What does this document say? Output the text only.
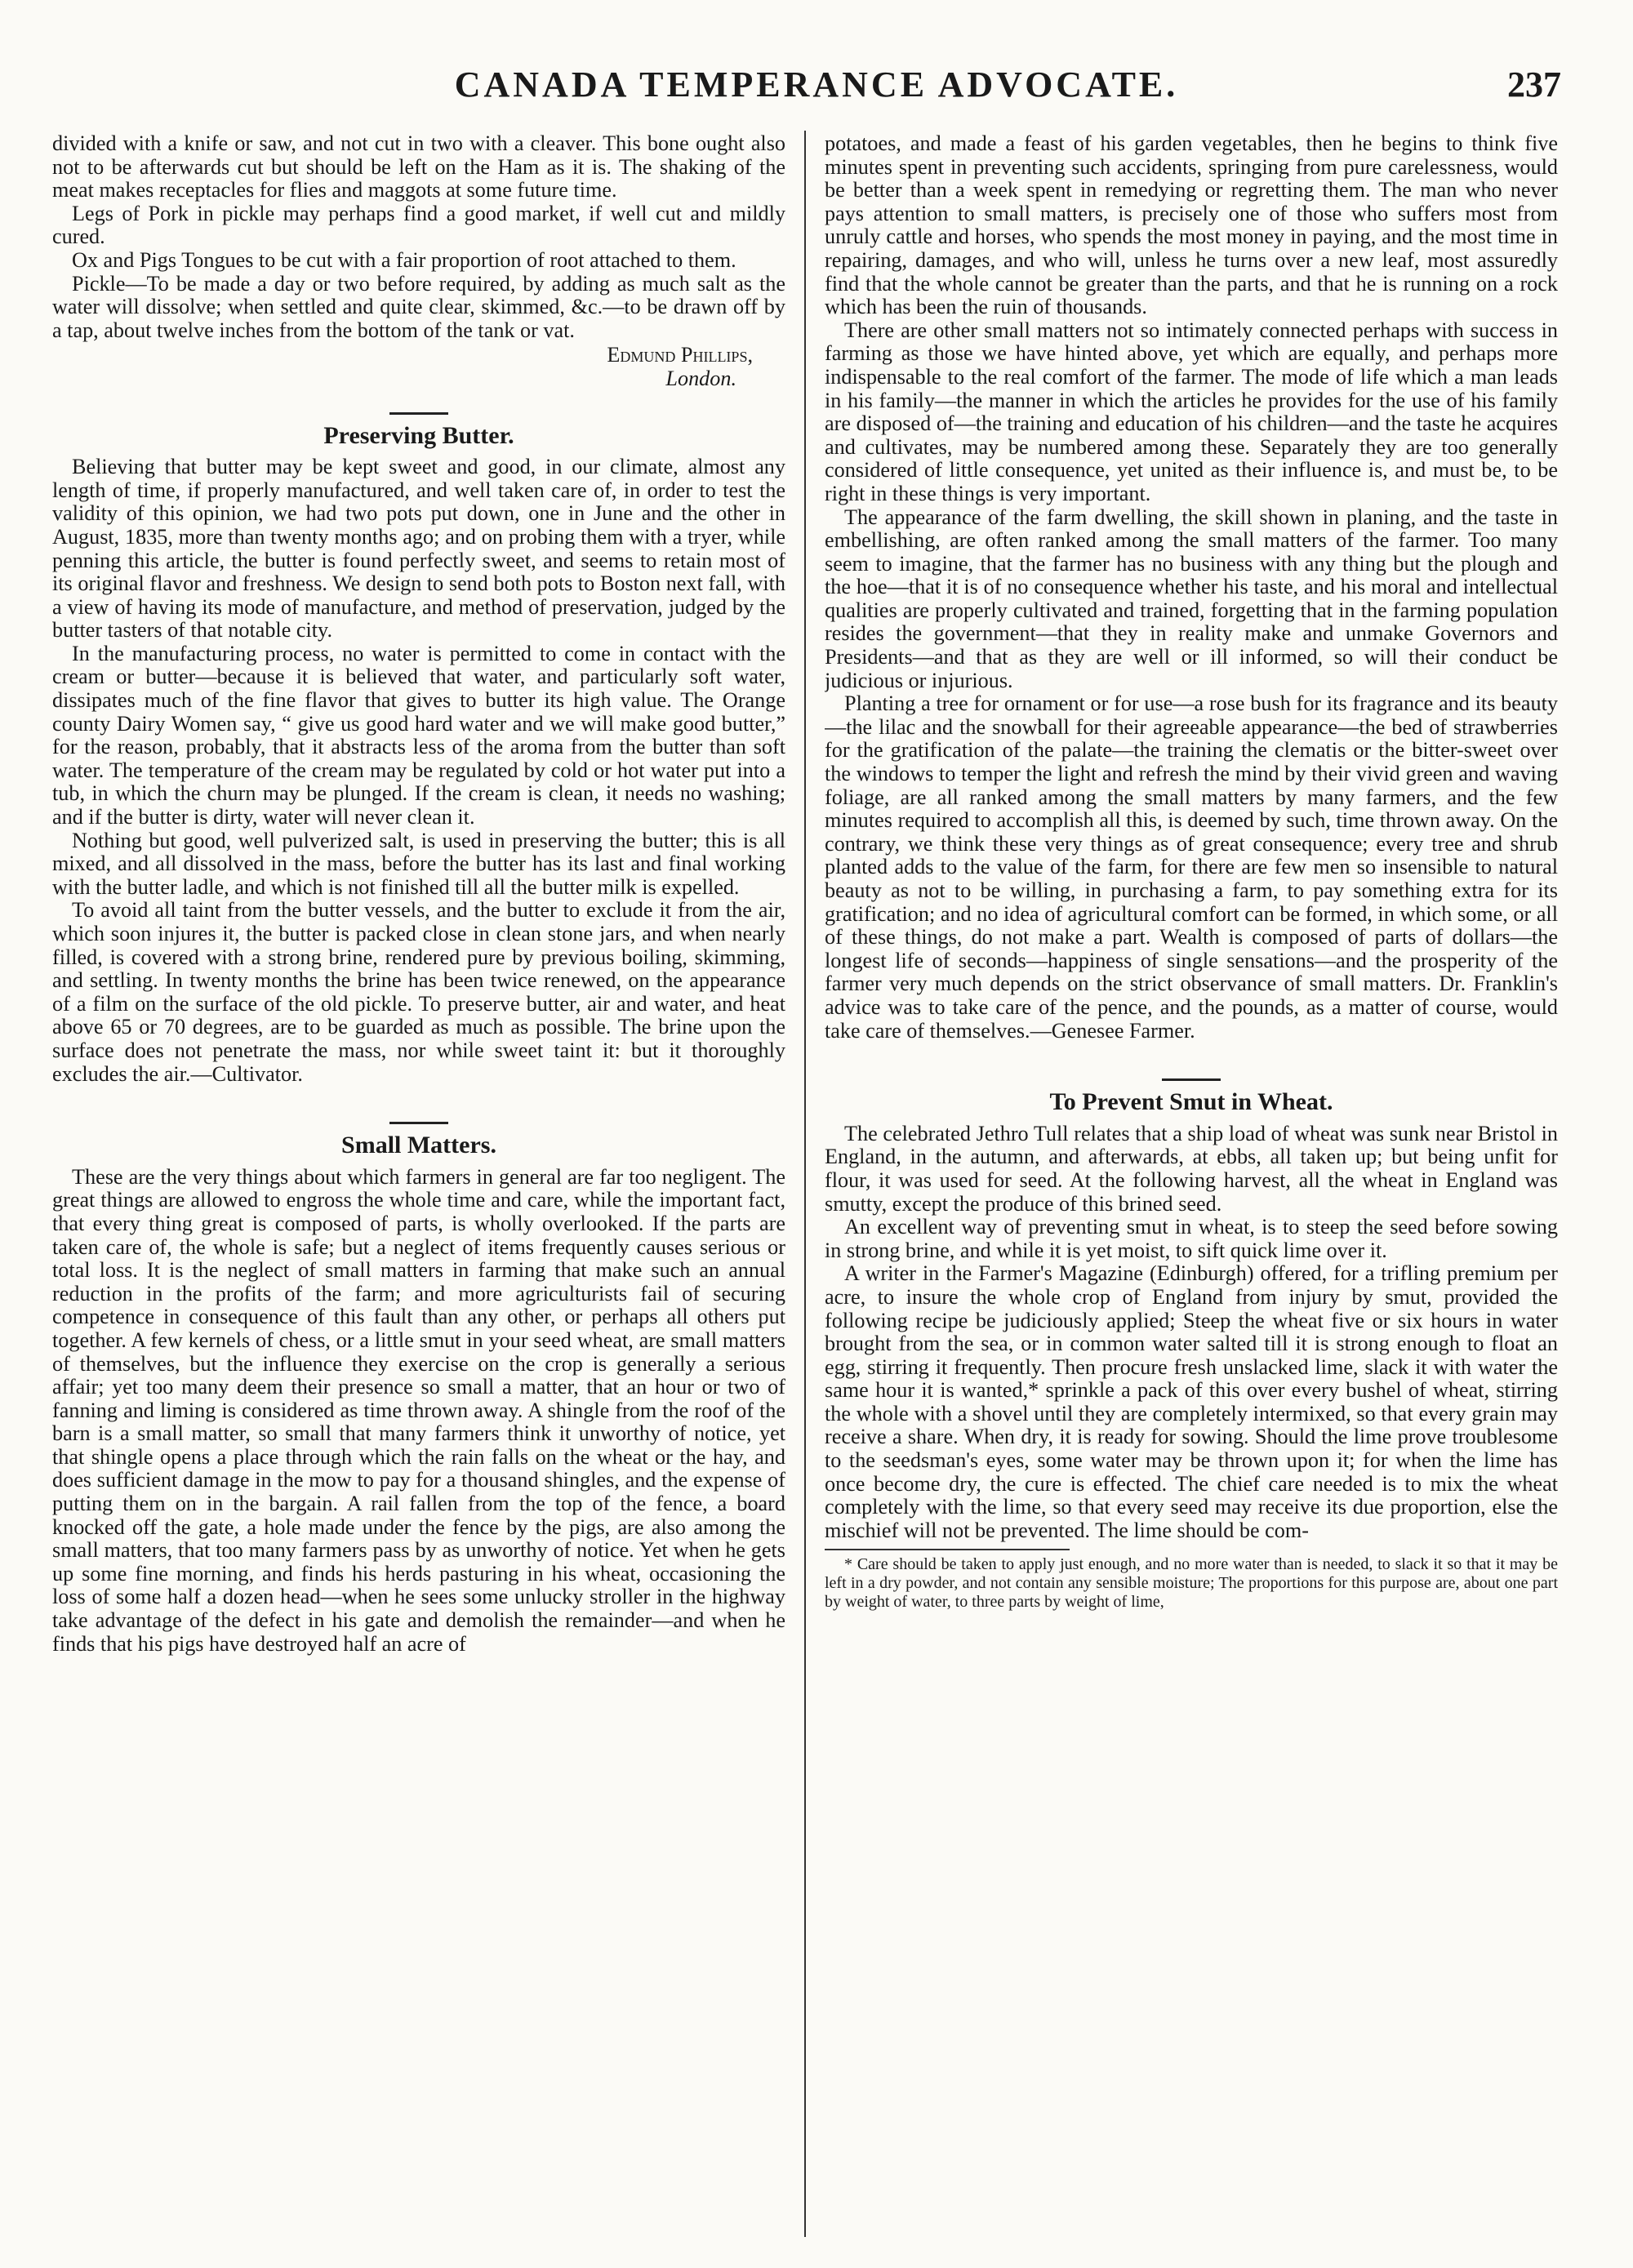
CANADA TEMPERANCE ADVOCATE.	237

divided with a knife or saw, and not cut in two with a cleaver. This bone ought also not to be afterwards cut but should be left on the Ham as it is. The shaking of the meat makes receptacles for flies and maggots at some future time.

Legs of Pork in pickle may perhaps find a good market, if well cut and mildly cured.

Ox and Pigs Tongues to be cut with a fair proportion of root attached to them.

Pickle—To be made a day or two before required, by adding as much salt as the water will dissolve; when settled and quite clear, skimmed, &c.—to be drawn off by a tap, about twelve inches from the bottom of the tank or vat.

Edmund Phillips,
London.
Preserving Butter.

Believing that butter may be kept sweet and good, in our climate, almost any length of time, if properly manufactured, and well taken care of, in order to test the validity of this opinion, we had two pots put down, one in June and the other in August, 1835, more than twenty months ago; and on probing them with a tryer, while penning this article, the butter is found perfectly sweet, and seems to retain most of its original flavor and freshness. We design to send both pots to Boston next fall, with a view of having its mode of manufacture, and method of preservation, judged by the butter tasters of that notable city.

In the manufacturing process, no water is permitted to come in contact with the cream or butter—because it is believed that water, and particularly soft water, dissipates much of the fine flavor that gives to butter its high value. The Orange county Dairy Women say, “ give us good hard water and we will make good butter,” for the reason, probably, that it abstracts less of the aroma from the butter than soft water. The temperature of the cream may be regulated by cold or hot water put into a tub, in which the churn may be plunged. If the cream is clean, it needs no washing; and if the butter is dirty, water will never clean it.

Nothing but good, well pulverized salt, is used in preserving the butter; this is all mixed, and all dissolved in the mass, before the butter has its last and final working with the butter ladle, and which is not finished till all the butter milk is expelled.

To avoid all taint from the butter vessels, and the butter to exclude it from the air, which soon injures it, the butter is packed close in clean stone jars, and when nearly filled, is covered with a strong brine, rendered pure by previous boiling, skimming, and settling. In twenty months the brine has been twice renewed, on the appearance of a film on the surface of the old pickle. To preserve butter, air and water, and heat above 65 or 70 degrees, are to be guarded as much as possible. The brine upon the surface does not penetrate the mass, nor while sweet taint it: but it thoroughly excludes the air.—Cultivator.

Small Matters.

These are the very things about which farmers in general are far too negligent. The great things are allowed to engross the whole time and care, while the important fact, that every thing great is composed of parts, is wholly overlooked. If the parts are taken care of, the whole is safe; but a neglect of items frequently causes serious or total loss. It is the neglect of small matters in farming that make such an annual reduction in the profits of the farm; and more agriculturists fail of securing competence in consequence of this fault than any other, or perhaps all others put together. A few kernels of chess, or a little smut in your seed wheat, are small matters of themselves, but the influence they exercise on the crop is generally a serious affair; yet too many deem their presence so small a matter, that an hour or two of fanning and liming is considered as time thrown away. A shingle from the roof of the barn is a small matter, so small that many farmers think it unworthy of notice, yet that shingle opens a place through which the rain falls on the wheat or the hay, and does sufficient damage in the mow to pay for a thousand shingles, and the expense of putting them on in the bargain. A rail fallen from the top of the fence, a board knocked off the gate, a hole made under the fence by the pigs, are also among the small matters, that too many farmers pass by as unworthy of notice. Yet when he gets up some fine morning, and finds his herds pasturing in his wheat, occasioning the loss of some half a dozen head—when he sees some unlucky stroller in the highway take advantage of the defect in his gate and demolish the remainder—and when he finds that his pigs have destroyed half an acre of

potatoes, and made a feast of his garden vegetables, then he begins to think five minutes spent in preventing such accidents, springing from pure carelessness, would be better than a week spent in remedying or regretting them. The man who never pays attention to small matters, is precisely one of those who suffers most from unruly cattle and horses, who spends the most money in paying, and the most time in repairing, damages, and who will, unless he turns over a new leaf, most assuredly find that the whole cannot be greater than the parts, and that he is running on a rock which has been the ruin of thousands.

There are other small matters not so intimately connected perhaps with success in farming as those we have hinted above, yet which are equally, and perhaps more indispensable to the real comfort of the farmer. The mode of life which a man leads in his family—the manner in which the articles he provides for the use of his family are disposed of—the training and education of his children—and the taste he acquires and cultivates, may be numbered among these. Separately they are too generally considered of little consequence, yet united as their influence is, and must be, to be right in these things is very important.

The appearance of the farm dwelling, the skill shown in planing, and the taste in embellishing, are often ranked among the small matters of the farmer. Too many seem to imagine, that the farmer has no business with any thing but the plough and the hoe—that it is of no consequence whether his taste, and his moral and intellectual qualities are properly cultivated and trained, forgetting that in the farming population resides the government—that they in reality make and unmake Governors and Presidents—and that as they are well or ill informed, so will their conduct be judicious or injurious.

Planting a tree for ornament or for use—a rose bush for its fragrance and its beauty—the lilac and the snowball for their agreeable appearance—the bed of strawberries for the gratification of the palate—the training the clematis or the bitter-sweet over the windows to temper the light and refresh the mind by their vivid green and waving foliage, are all ranked among the small matters by many farmers, and the few minutes required to accomplish all this, is deemed by such, time thrown away. On the contrary, we think these very things as of great consequence; every tree and shrub planted adds to the value of the farm, for there are few men so insensible to natural beauty as not to be willing, in purchasing a farm, to pay something extra for its gratification; and no idea of agricultural comfort can be formed, in which some, or all of these things, do not make a part. Wealth is composed of parts of dollars—the longest life of seconds—happiness of single sensations—and the prosperity of the farmer very much depends on the strict observance of small matters. Dr. Franklin's advice was to take care of the pence, and the pounds, as a matter of course, would take care of themselves.—Genesee Farmer.

To Prevent Smut in Wheat.

The celebrated Jethro Tull relates that a ship load of wheat was sunk near Bristol in England, in the autumn, and afterwards, at ebbs, all taken up; but being unfit for flour, it was used for seed. At the following harvest, all the wheat in England was smutty, except the produce of this brined seed.

An excellent way of preventing smut in wheat, is to steep the seed before sowing in strong brine, and while it is yet moist, to sift quick lime over it.

A writer in the Farmer's Magazine (Edinburgh) offered, for a trifling premium per acre, to insure the whole crop of England from injury by smut, provided the following recipe be judiciously applied; Steep the wheat five or six hours in water brought from the sea, or in common water salted till it is strong enough to float an egg, stirring it frequently. Then procure fresh unslacked lime, slack it with water the same hour it is wanted,* sprinkle a pack of this over every bushel of wheat, stirring the whole with a shovel until they are completely intermixed, so that every grain may receive a share. When dry, it is ready for sowing. Should the lime prove troublesome to the seedsman's eyes, some water may be thrown upon it; for when the lime has once become dry, the cure is effected. The chief care needed is to mix the wheat completely with the lime, so that every seed may receive its due proportion, else the mischief will not be prevented. The lime should be com-

* Care should be taken to apply just enough, and no more water than is needed, to slack it so that it may be left in a dry powder, and not contain any sensible moisture; The proportions for this purpose are, about one part by weight of water, to three parts by weight of lime,
